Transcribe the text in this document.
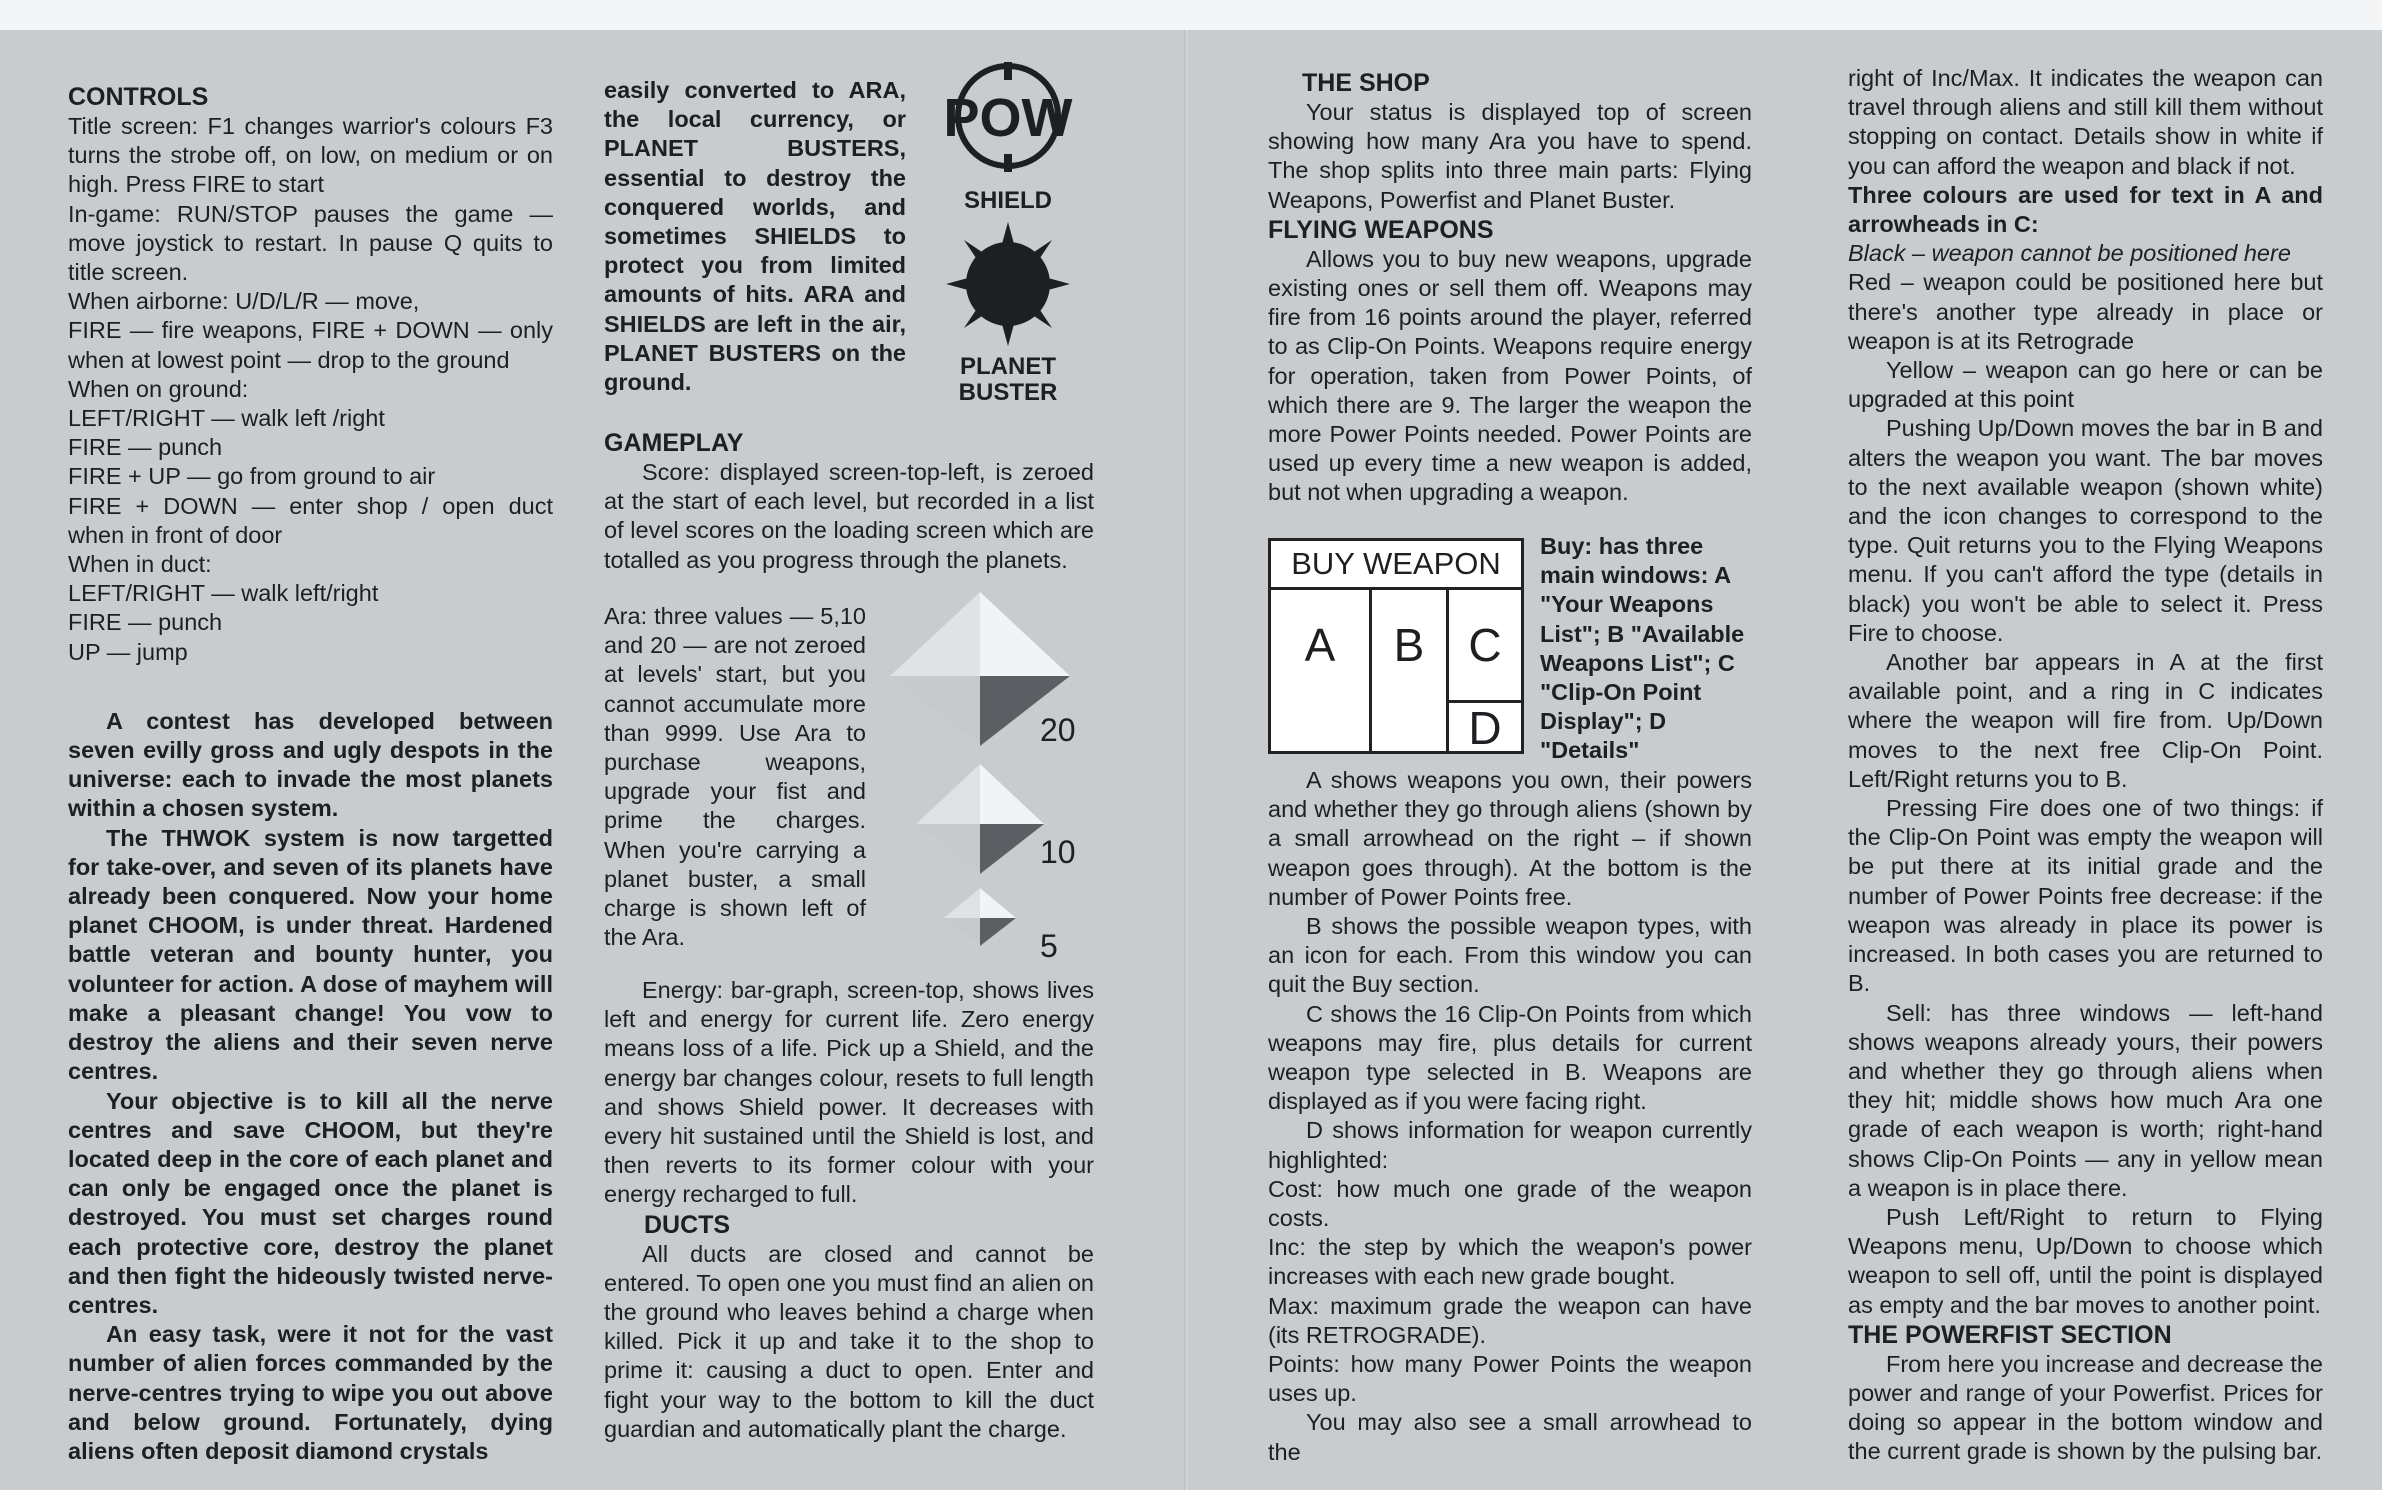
CONTROLS

Title screen: F1 changes warrior's colours F3 turns the strobe off, on low, on medium or on high. Press FIRE to start

In-game: RUN/STOP pauses the game — move joystick to restart. In pause Q quits to title screen.

When airborne: U/D/L/R — move,

FIRE — fire weapons, FIRE + DOWN — only when at lowest point — drop to the ground

When on ground:

LEFT/RIGHT — walk left /right

FIRE — punch

FIRE + UP — go from ground to air

FIRE + DOWN — enter shop / open duct when in front of door

When in duct:

LEFT/RIGHT — walk left/right

FIRE — punch

UP — jump

A contest has developed between seven evilly gross and ugly despots in the universe: each to invade the most planets within a chosen system.

The THWOK system is now targetted for take-over, and seven of its planets have already been conquered. Now your home planet CHOOM, is under threat. Hardened battle veteran and bounty hunter, you volunteer for action. A dose of mayhem will make a pleasant change! You vow to destroy the aliens and their seven nerve centres.

Your objective is to kill all the nerve centres and save CHOOM, but they're located deep in the core of each planet and can only be engaged once the planet is destroyed. You must set charges round each protective core, destroy the planet and then fight the hideously twisted nerve-centres.

An easy task, were it not for the vast number of alien forces commanded by the nerve-centres trying to wipe you out above and below ground. Fortunately, dying aliens often deposit diamond crystals

easily converted to ARA, the local currency, or PLANET BUSTERS, essential to destroy the conquered worlds, and sometimes SHIELDS to protect you from limited amounts of hits. ARA and SHIELDS are left in the air, PLANET BUSTERS on the ground.

POW
SHIELD
PLANET BUSTER
GAMEPLAY

Score: displayed screen-top-left, is zeroed at the start of each level, but recorded in a list of level scores on the loading screen which are totalled as you progress through the planets.

Ara: three values — 5,10 and 20 — are not zeroed at levels' start, but you cannot accumulate more than 9999. Use Ara to purchase weapons, upgrade your fist and prime the charges. When you're carrying a planet buster, a small charge is shown left of the Ara.

20
10
5

Energy: bar-graph, screen-top, shows lives left and energy for current life. Zero energy means loss of a life. Pick up a Shield, and the energy bar changes colour, resets to full length and shows Shield power. It decreases with every hit sustained until the Shield is lost, and then reverts to its former colour with your energy recharged to full.

DUCTS

All ducts are closed and cannot be entered. To open one you must find an alien on the ground who leaves behind a charge when killed. Pick it up and take it to the shop to prime it: causing a duct to open. Enter and fight your way to the bottom to kill the duct guardian and automatically plant the charge.

THE SHOP

Your status is displayed top of screen showing how many Ara you have to spend. The shop splits into three main parts: Flying Weapons, Powerfist and Planet Buster.

FLYING WEAPONS

Allows you to buy new weapons, upgrade existing ones or sell them off. Weapons may fire from 16 points around the player, referred to as Clip-On Points. Weapons require energy for operation, taken from Power Points, of which there are 9. The larger the weapon the more Power Points needed. Power Points are used up every time a new weapon is added, but not when upgrading a weapon.

BUY WEAPON
A	B C
D

Buy: has three main windows: A "Your Weapons List"; B "Available Weapons List"; C "Clip-On Point Display"; D "Details"

A shows weapons you own, their powers and whether they go through aliens (shown by a small arrowhead on the right – if shown weapon goes through). At the bottom is the number of Power Points free.

B shows the possible weapon types, with an icon for each. From this window you can quit the Buy section.

C shows the 16 Clip-On Points from which weapons may fire, plus details for current weapon type selected in B. Weapons are displayed as if you were facing right.

D shows information for weapon currently highlighted:

Cost: how much one grade of the weapon costs.

Inc: the step by which the weapon's power increases with each new grade bought.

Max: maximum grade the weapon can have (its RETROGRADE).

Points: how many Power Points the weapon uses up.

You may also see a small arrowhead to the

right of Inc/Max. It indicates the weapon can travel through aliens and still kill them without stopping on contact. Details show in white if you can afford the weapon and black if not.

Three colours are used for text in A and arrowheads in C:

Black – weapon cannot be positioned here

Red – weapon could be positioned here but there's another type already in place or weapon is at its Retrograde

Yellow – weapon can go here or can be upgraded at this point

Pushing Up/Down moves the bar in B and alters the weapon you want. The bar moves to the next available weapon (shown white) and the icon changes to correspond to the type. Quit returns you to the Flying Weapons menu. If you can't afford the type (details in black) you won't be able to select it. Press Fire to choose.

Another bar appears in A at the first available point, and a ring in C indicates where the weapon will fire from. Up/Down moves to the next free Clip-On Point. Left/Right returns you to B.

Pressing Fire does one of two things: if the Clip-On Point was empty the weapon will be put there at its initial grade and the number of Power Points free decrease: if the weapon was already in place its power is increased. In both cases you are returned to B.

Sell: has three windows — left-hand shows weapons already yours, their powers and whether they go through aliens when they hit; middle shows how much Ara one grade of each weapon is worth; right-hand shows Clip-On Points — any in yellow mean a weapon is in place there.

Push Left/Right to return to Flying Weapons menu, Up/Down to choose which weapon to sell off, until the point is displayed as empty and the bar moves to another point.

THE POWERFIST SECTION

From here you increase and decrease the power and range of your Powerfist. Prices for doing so appear in the bottom window and the current grade is shown by the pulsing bar.
